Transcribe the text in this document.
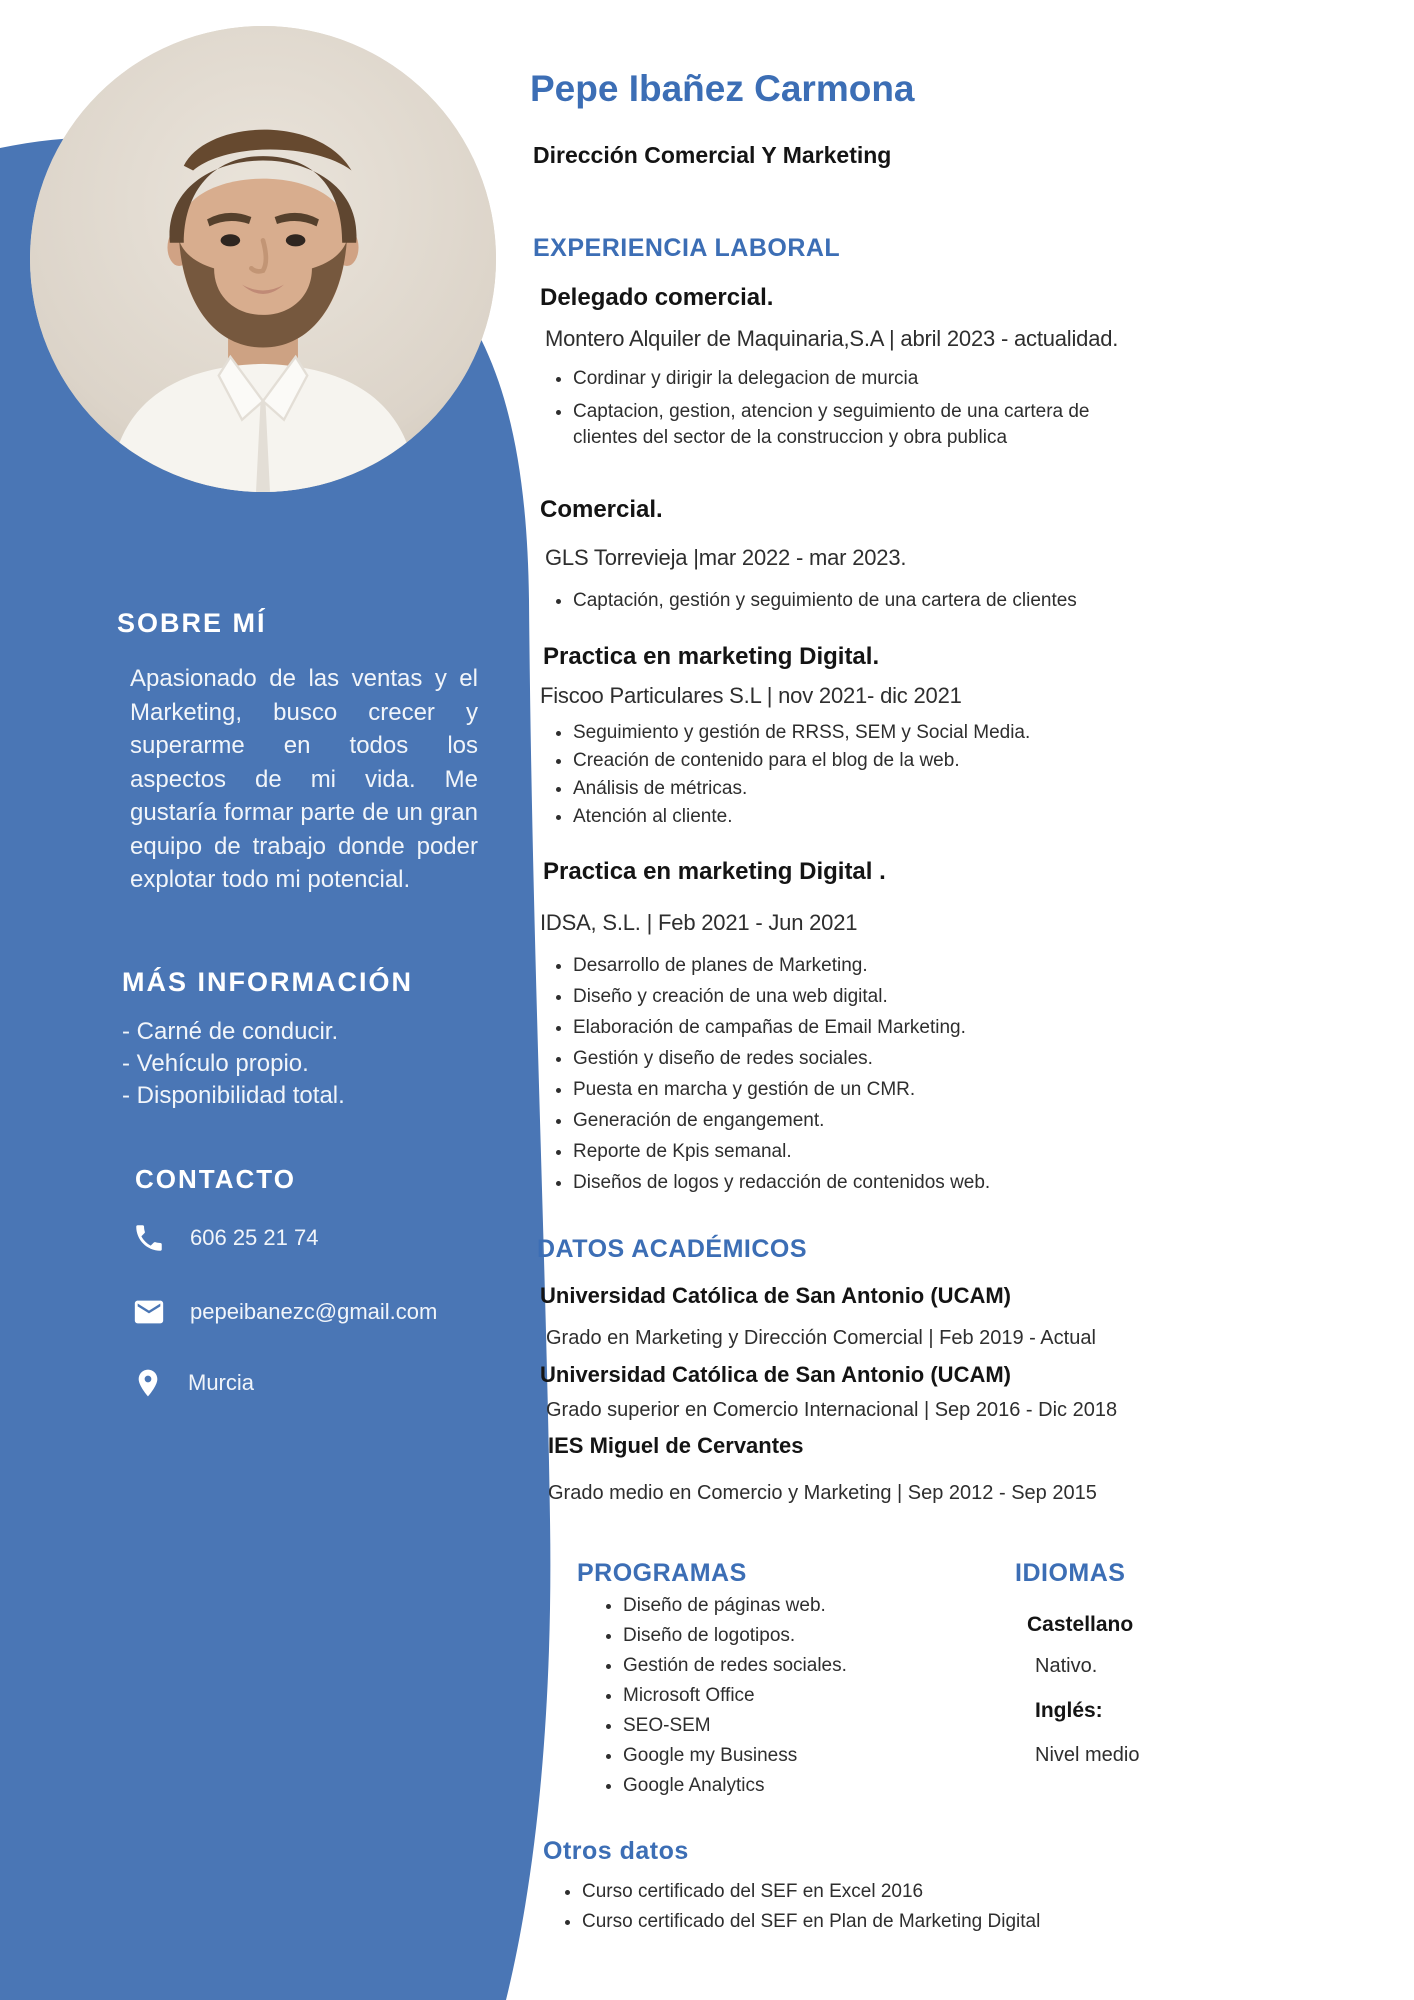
SOBRE MÍ
Apasionado de las ventas y el Marketing, busco crecer y superarme en todos los aspectos de mi vida. Me gustaría formar parte de un gran equipo de trabajo donde poder explotar todo mi potencial.
MÁS INFORMACIÓN
- Carné de conducir.
- Vehículo propio.
- Disponibilidad total.
CONTACTO
606 25 21 74
pepeibanezc@gmail.com
Murcia
Pepe Ibañez Carmona
Dirección Comercial Y Marketing
EXPERIENCIA LABORAL
Delegado comercial.
Montero Alquiler de Maquinaria,S.A | abril 2023 - actualidad.
• Cordinar y dirigir la delegacion de murcia
• Captacion, gestion, atencion y seguimiento de una cartera de clientes del sector de la construccion y obra publica
Comercial.
GLS Torrevieja |mar 2022 - mar 2023.
• Captación, gestión y seguimiento de una cartera de clientes
Practica en marketing Digital.
Fiscoo Particulares S.L | nov 2021- dic 2021
• Seguimiento y gestión de RRSS, SEM y Social Media.
• Creación de contenido para el blog de la web.
• Análisis de métricas.
• Atención al cliente.
Practica en marketing Digital .
IDSA, S.L. | Feb 2021 - Jun 2021
• Desarrollo de planes de Marketing.
• Diseño y creación de una web digital.
• Elaboración de campañas de Email Marketing.
• Gestión y diseño de redes sociales.
• Puesta en marcha y gestión de un CMR.
• Generación de engangement.
• Reporte de Kpis semanal.
• Diseños de logos y redacción de contenidos web.
DATOS ACADÉMICOS
Universidad Católica de San Antonio (UCAM)
Grado en Marketing y Dirección Comercial | Feb 2019 - Actual
Universidad Católica de San Antonio (UCAM)
Grado superior en Comercio Internacional | Sep 2016 - Dic 2018
IES Miguel de Cervantes
Grado medio en Comercio y Marketing | Sep 2012 - Sep 2015
PROGRAMAS
• Diseño de páginas web.
• Diseño de logotipos.
• Gestión de redes sociales.
• Microsoft Office
• SEO-SEM
• Google my Business
• Google Analytics
IDIOMAS
Castellano
Nativo.
Inglés:
Nivel medio
Otros datos
• Curso certificado del SEF en Excel 2016
• Curso certificado del SEF en Plan de Marketing Digital
